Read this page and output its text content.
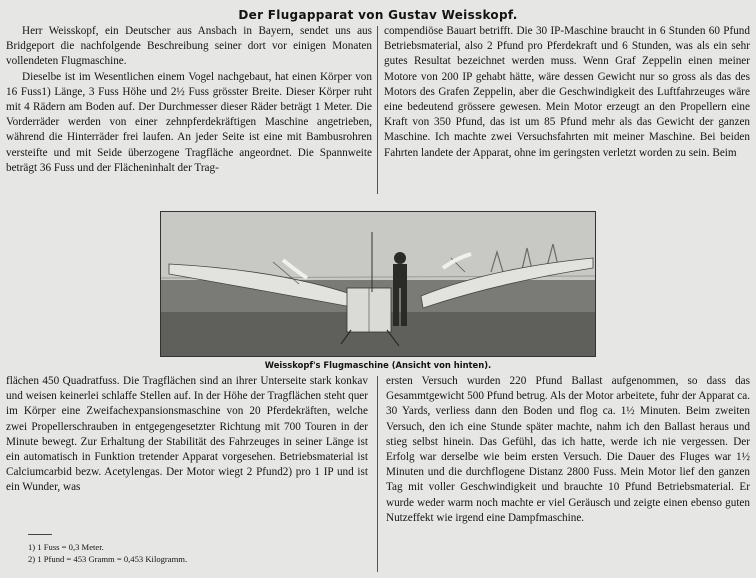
Der Flugapparat von Gustav Weisskopf.

Herr Weisskopf, ein Deutscher aus Ansbach in Bayern, sendet uns aus Bridgeport die nachfolgende Beschreibung seiner dort vor einigen Monaten vollendeten Flugmaschine.

Dieselbe ist im Wesentlichen einem Vogel nachgebaut, hat einen Körper von 16 Fuss1) Länge, 3 Fuss Höhe und 2½ Fuss grösster Breite. Dieser Körper ruht mit 4 Rädern am Boden auf. Der Durchmesser dieser Räder beträgt 1 Meter. Die Vorderräder werden von einer zehnpferdekräftigen Maschine angetrieben, während die Hinterräder frei laufen. An jeder Seite ist eine mit Bambusrohren versteifte und mit Seide überzogene Tragfläche angeordnet. Die Spannweite beträgt 36 Fuss und der Flächeninhalt der Trag-

compendiöse Bauart betrifft. Die 30 IP-Maschine braucht in 6 Stunden 60 Pfund Betriebsmaterial, also 2 Pfund pro Pferdekraft und 6 Stunden, was als ein sehr gutes Resultat bezeichnet werden muss. Wenn Graf Zeppelin einen meiner Motore von 200 IP gehabt hätte, wäre dessen Gewicht nur so gross als das des Motors des Grafen Zeppelin, aber die Geschwindigkeit des Luftfahrzeuges wäre eine bedeutend grössere gewesen. Mein Motor erzeugt an den Propellern eine Kraft von 350 Pfund, das ist um 85 Pfund mehr als das Gewicht der ganzen Maschine. Ich machte zwei Versuchsfahrten mit meiner Maschine. Bei beiden Fahrten landete der Apparat, ohne im geringsten verletzt worden zu sein. Beim

Weisskopf's Flugmaschine (Ansicht von hinten).

flächen 450 Quadratfuss. Die Tragflächen sind an ihrer Unterseite stark konkav und weisen keinerlei schlaffe Stellen auf. In der Höhe der Tragflächen steht quer im Körper eine Zweifachexpansionsmaschine von 20 Pferdekräften, welche zwei Propellerschrauben in entgegengesetzter Richtung mit 700 Touren in der Minute bewegt. Zur Erhaltung der Stabilität des Fahrzeuges in seiner Länge ist ein automatisch in Funktion tretender Apparat vorgesehen. Betriebsmaterial ist Calciumcarbid bezw. Acetylengas. Der Motor wiegt 2 Pfund2) pro 1 IP und ist ein Wunder, was

ersten Versuch wurden 220 Pfund Ballast aufgenommen, so dass das Gesammtgewicht 500 Pfund betrug. Als der Motor arbeitete, fuhr der Apparat ca. 30 Yards, verliess dann den Boden und flog ca. 1½ Minuten. Beim zweiten Versuch, den ich eine Stunde später machte, nahm ich den Ballast heraus und stieg selbst hinein. Das Gefühl, das ich hatte, werde ich nie vergessen. Der Erfolg war derselbe wie beim ersten Versuch. Die Dauer des Fluges war 1½ Minuten und die durchflogene Distanz 2800 Fuss. Mein Motor lief den ganzen Tag mit voller Geschwindigkeit und brauchte 10 Pfund Betriebsmaterial. Er wurde weder warm noch machte er viel Geräusch und zeigte einen ebenso guten Nutzeffekt wie irgend eine Dampfmaschine.

1) 1 Fuss = 0,3 Meter.
2) 1 Pfund = 453 Gramm = 0,453 Kilogramm.
